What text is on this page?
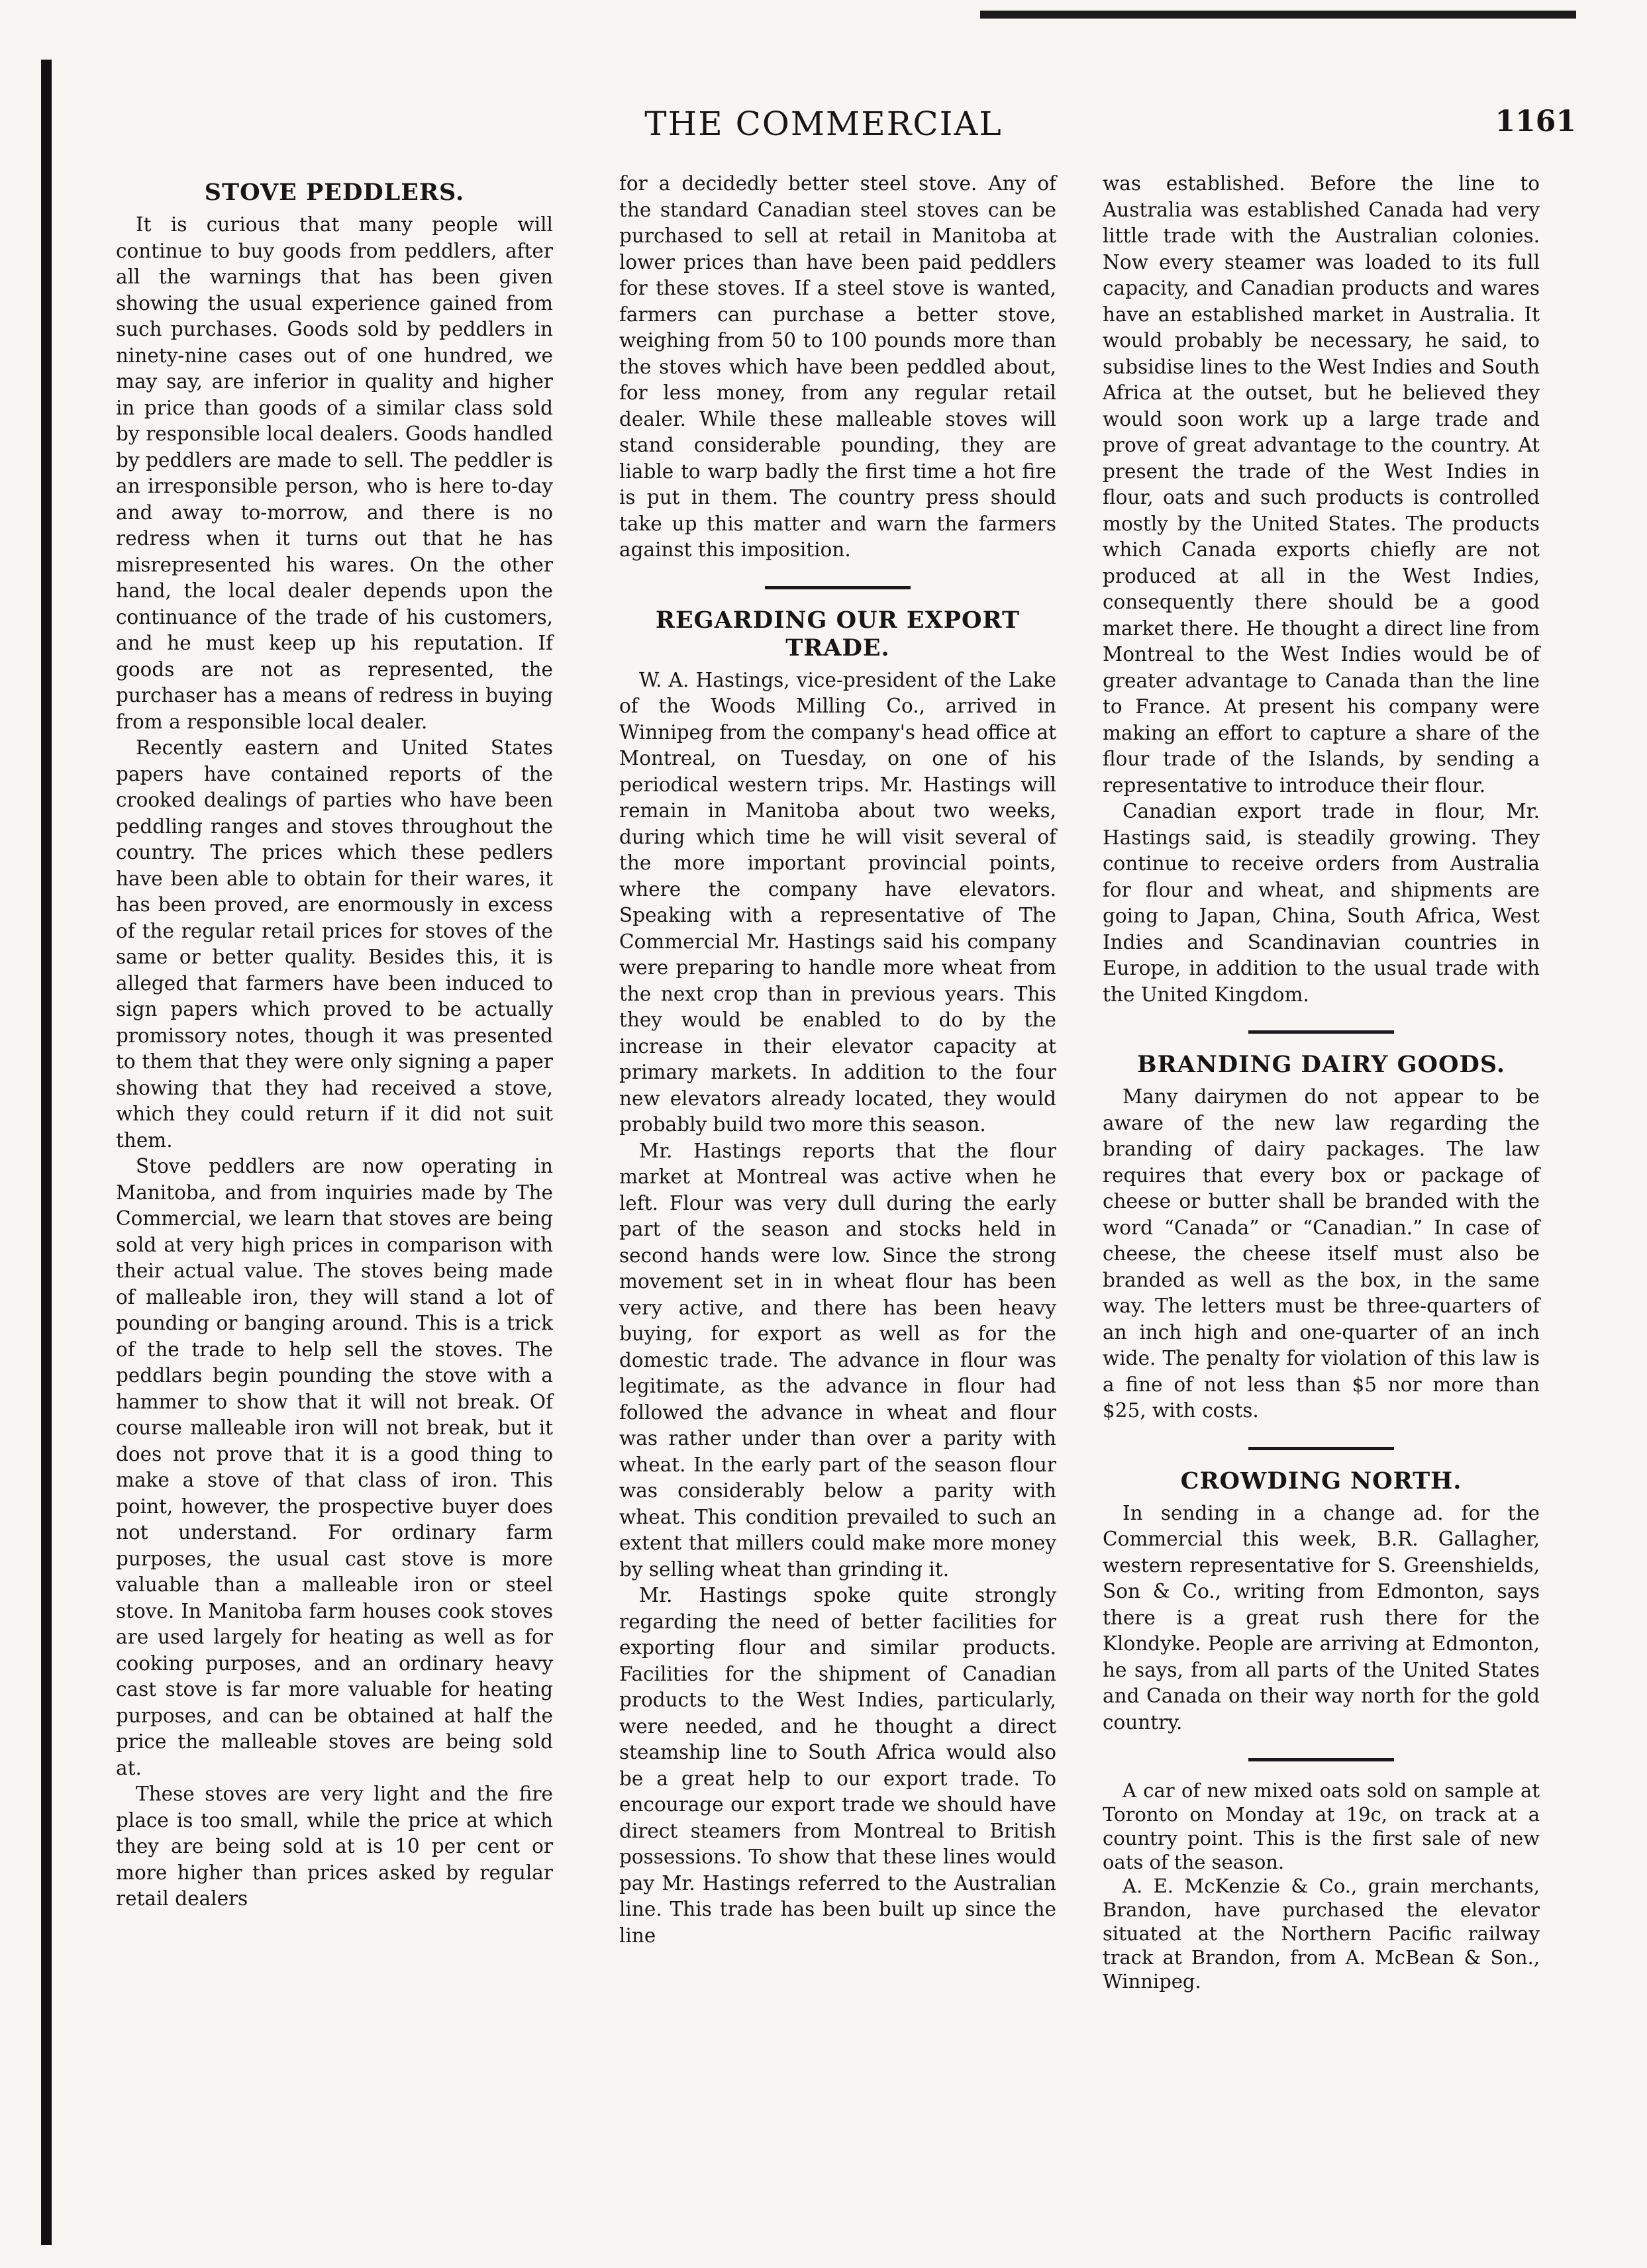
THE COMMERCIAL	1161
STOVE PEDDLERS.

It is curious that many people will continue to buy goods from peddlers, after all the warnings that has been given showing the usual experience gained from such purchases. Goods sold by peddlers in ninety-nine cases out of one hundred, we may say, are inferior in quality and higher in price than goods of a similar class sold by responsible local dealers. Goods handled by peddlers are made to sell. The peddler is an irresponsible person, who is here to-day and away to-morrow, and there is no redress when it turns out that he has misrepresented his wares. On the other hand, the local dealer depends upon the continuance of the trade of his customers, and he must keep up his reputation. If goods are not as represented, the purchaser has a means of redress in buying from a responsible local dealer.

Recently eastern and United States papers have contained reports of the crooked dealings of parties who have been peddling ranges and stoves throughout the country. The prices which these pedlers have been able to obtain for their wares, it has been proved, are enormously in excess of the regular retail prices for stoves of the same or better quality. Besides this, it is alleged that farmers have been induced to sign papers which proved to be actually promissory notes, though it was presented to them that they were only signing a paper showing that they had received a stove, which they could return if it did not suit them.

Stove peddlers are now operating in Manitoba, and from inquiries made by The Commercial, we learn that stoves are being sold at very high prices in comparison with their actual value. The stoves being made of malleable iron, they will stand a lot of pounding or banging around. This is a trick of the trade to help sell the stoves. The peddlars begin pounding the stove with a hammer to show that it will not break. Of course malleable iron will not break, but it does not prove that it is a good thing to make a stove of that class of iron. This point, however, the prospective buyer does not understand. For ordinary farm purposes, the usual cast stove is more valuable than a malleable iron or steel stove. In Manitoba farm houses cook stoves are used largely for heating as well as for cooking purposes, and an ordinary heavy cast stove is far more valuable for heating purposes, and can be obtained at half the price the malleable stoves are being sold at.

These stoves are very light and the fire place is too small, while the price at which they are being sold at is 10 per cent or more higher than prices asked by regular retail dealers

for a decidedly better steel stove. Any of the standard Canadian steel stoves can be purchased to sell at retail in Manitoba at lower prices than have been paid peddlers for these stoves. If a steel stove is wanted, farmers can purchase a better stove, weighing from 50 to 100 pounds more than the stoves which have been peddled about, for less money, from any regular retail dealer. While these malleable stoves will stand considerable pounding, they are liable to warp badly the first time a hot fire is put in them. The country press should take up this matter and warn the farmers against this imposition.

REGARDING OUR EXPORT TRADE.

W. A. Hastings, vice-president of the Lake of the Woods Milling Co., arrived in Winnipeg from the company's head office at Montreal, on Tuesday, on one of his periodical western trips. Mr. Hastings will remain in Manitoba about two weeks, during which time he will visit several of the more important provincial points, where the company have elevators. Speaking with a representative of The Commercial Mr. Hastings said his company were preparing to handle more wheat from the next crop than in previous years. This they would be enabled to do by the increase in their elevator capacity at primary markets. In addition to the four new elevators already located, they would probably build two more this season.

Mr. Hastings reports that the flour market at Montreal was active when he left. Flour was very dull during the early part of the season and stocks held in second hands were low. Since the strong movement set in in wheat flour has been very active, and there has been heavy buying, for export as well as for the domestic trade. The advance in flour was legitimate, as the advance in flour had followed the advance in wheat and flour was rather under than over a parity with wheat. In the early part of the season flour was considerably below a parity with wheat. This condition prevailed to such an extent that millers could make more money by selling wheat than grinding it.

Mr. Hastings spoke quite strongly regarding the need of better facilities for exporting flour and similar products. Facilities for the shipment of Canadian products to the West Indies, particularly, were needed, and he thought a direct steamship line to South Africa would also be a great help to our export trade. To encourage our export trade we should have direct steamers from Montreal to British possessions. To show that these lines would pay Mr. Hastings referred to the Australian line. This trade has been built up since the line

was established. Before the line to Australia was established Canada had very little trade with the Australian colonies. Now every steamer was loaded to its full capacity, and Canadian products and wares have an established market in Australia. It would probably be necessary, he said, to subsidise lines to the West Indies and South Africa at the outset, but he believed they would soon work up a large trade and prove of great advantage to the country. At present the trade of the West Indies in flour, oats and such products is controlled mostly by the United States. The products which Canada exports chiefly are not produced at all in the West Indies, consequently there should be a good market there. He thought a direct line from Montreal to the West Indies would be of greater advantage to Canada than the line to France. At present his company were making an effort to capture a share of the flour trade of the Islands, by sending a representative to introduce their flour.

Canadian export trade in flour, Mr. Hastings said, is steadily growing. They continue to receive orders from Australia for flour and wheat, and shipments are going to Japan, China, South Africa, West Indies and Scandinavian countries in Europe, in addition to the usual trade with the United Kingdom.

BRANDING DAIRY GOODS.

Many dairymen do not appear to be aware of the new law regarding the branding of dairy packages. The law requires that every box or package of cheese or butter shall be branded with the word “Canada” or “Canadian.” In case of cheese, the cheese itself must also be branded as well as the box, in the same way. The letters must be three-quarters of an inch high and one-quarter of an inch wide. The penalty for violation of this law is a fine of not less than $5 nor more than $25, with costs.

CROWDING NORTH.

In sending in a change ad. for the Commercial this week, B.R. Gallagher, western representative for S. Greenshields, Son & Co., writing from Edmonton, says there is a great rush there for the Klondyke. People are arriving at Edmonton, he says, from all parts of the United States and Canada on their way north for the gold country.

A car of new mixed oats sold on sample at Toronto on Monday at 19c, on track at a country point. This is the first sale of new oats of the season.

A. E. McKenzie & Co., grain merchants, Brandon, have purchased the elevator situated at the Northern Pacific railway track at Brandon, from A. McBean & Son., Winnipeg.
